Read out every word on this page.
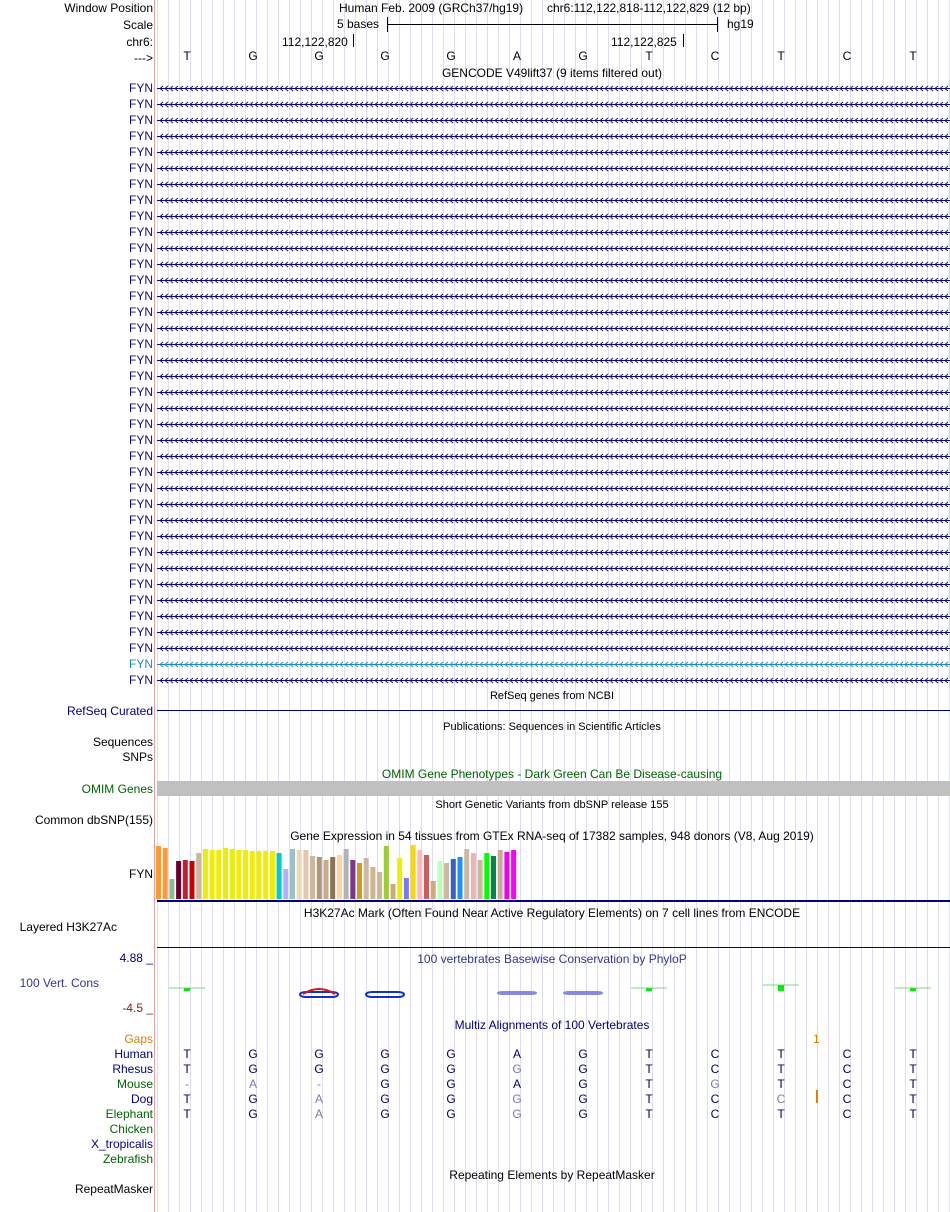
Window Position
Scale
chr6:
--->
Human Feb. 2009 (GRCh37/hg19) chr6:112,122,818-112,122,829 (12 bp)
5 bases	hg19
112,122,820	112,122,825
T	G	G	G	G	A	G	T	C	T	C	T
GENCODE V49lift37 (9 items filtered out)
FYN
FYN
FYN
FYN
FYN
FYN
FYN
FYN
FYN
FYN
FYN
FYN
FYN
FYN
FYN
FYN
FYN
FYN
FYN
FYN
FYN
FYN
FYN
FYN
FYN
FYN
FYN
FYN
FYN
FYN
FYN
FYN
FYN
FYN
FYN
FYN
FYN
FYN
RefSeq genes from NCBI
RefSeq Curated
Publications: Sequences in Scientific Articles
Sequences
SNPs
OMIM Gene Phenotypes - Dark Green Can Be Disease-causing
OMIM Genes
Short Genetic Variants from dbSNP release 155
Common dbSNP(155)
Gene Expression in 54 tissues from GTEx RNA-seq of 17382 samples, 948 donors (V8, Aug 2019)
FYN
H3K27Ac Mark (Often Found Near Active Regulatory Elements) on 7 cell lines from ENCODE
Layered H3K27Ac
100 vertebrates Basewise Conservation by PhyloP
4.88 _
100 Vert. Cons
-4.5 _
Multiz Alignments of 100 Vertebrates
Gaps	1
Human	T	G	G	G	G	A	G	T	C	T	C	T
Rhesus	T	G	G	G	G	G	G	T	C	T	C	T
Mouse	-	A	-	G	G	A	G	T	G	T	C	T
Dog	T	G	A	G	G	G	G	T	C	C	C	T
Elephant	T	G	A	G	G	G	G	T	C	T	C	T
Chicken
X_tropicalis
Zebrafish
Repeating Elements by RepeatMasker
RepeatMasker
